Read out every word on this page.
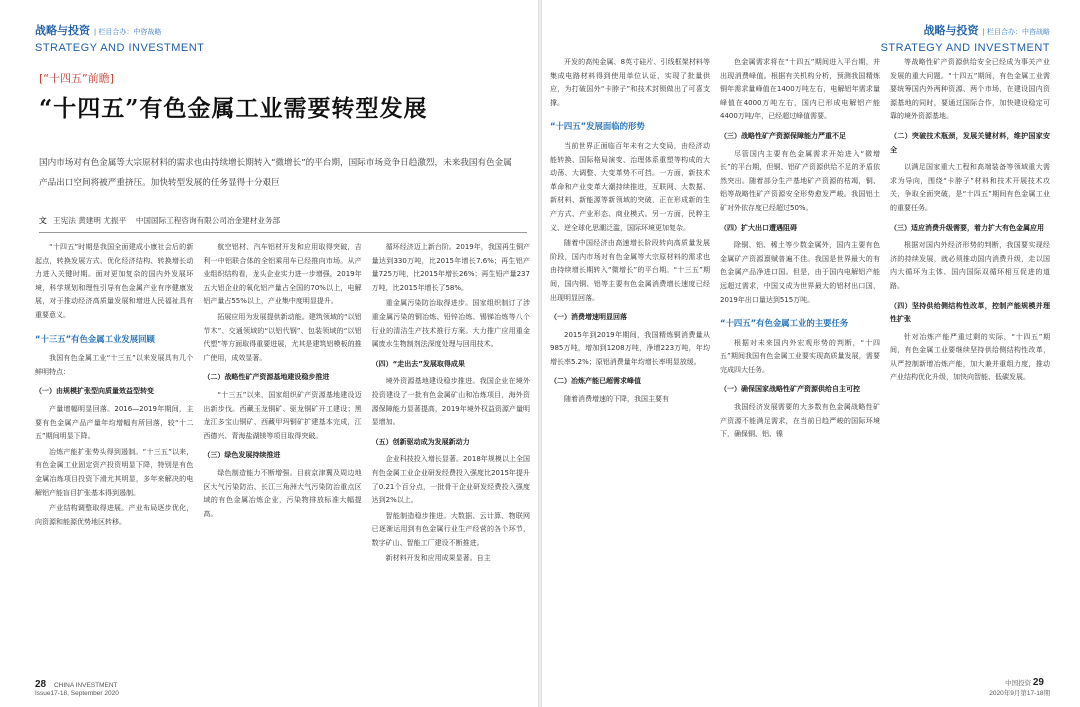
战略与投资 | 栏目合办：中咨战略
STRATEGY AND INVESTMENT
[“十四五”前瞻]
“十四五”有色金属工业需要转型发展
国内市场对有色金属等大宗原材料的需求也由持续增长期转入“微增长”的平台期，国际市场竞争日趋激烈，未来我国有色金属产品出口空间将被严重挤压。加快转型发展的任务显得十分艰巨
文 王宪法 黄建明 尤振平 中国国际工程咨询有限公司冶金建材业务部

“十四五”时期是我国全面建成小康社会后的新起点，转换发展方式、优化经济结构、转换增长动力进入关键时期。面对更加复杂的国内外发展环境，科学规划和理性引导有色金属产业有序健康发展，对于推动经济高质量发展和增进人民福祉具有重要意义。

“十三五”有色金属工业发展回顾

我国有色金属工业“十三五”以来发展具有几个鲜明特点：

（一）由规模扩张型向质量效益型转变

产量增幅明显回落。2016—2019年期间，主要有色金属产品产量年均增幅有所回落，较“十二五”期间明显下降。

冶炼产能扩张势头得到遏制。“十三五”以来，有色金属工业固定资产投资明显下降，特别是有色金属冶炼项目投资下滑尤其明显，多年来解决的电解铝产能盲目扩张基本得到遏制。

产业结构调整取得进展。产业布局逐步优化，向资源和能源优势地区转移。

航空铝材、汽车铝材开发和应用取得突破，吉利一中铝联合体的全铝乘用车已经推向市场。从产业组织结构看，龙头企业实力进一步增强，2019年五大铝企业的氧化铝产量占全国的70%以上，电解铝产量占55%以上，产业集中度明显提升。

拓展应用为发展提供新动能。建筑领域的“以铝节木”、交通领域的“以铝代钢”、包装领域的“以铝代塑”等方面取得重要进展，尤其是建筑铝模板的推广使用，成效显著。

（二）战略性矿产资源基地建设稳步推进

“十三五”以来，国家组织矿产资源基地建设迈出新步伐。西藏玉龙铜矿、驱龙铜矿开工建设；黑龙江多宝山铜矿、西藏甲玛铜矿扩建基本完成，江西德兴、青海盐湖镁等项目取得突破。

（三）绿色发展持续推进

绿色制造能力不断增强。目前京津冀及周边地区大气污染防治、长江三角洲大气污染防治重点区域的有色金属冶炼企业，污染物排放标准大幅提高。

循环经济迈上新台阶。2019年，我国再生铜产量达到330万吨，比2015年增长7.6%；再生铝产量725万吨，比2015年增长26%；再生铅产量237万吨，比2015年增长了58%。

重金属污染防治取得进步。国家组织制订了涉重金属污染的铜冶炼、铅锌冶炼、锡锑冶炼等八个行业的清洁生产技术推行方案。大力推广应用重金属废水生物制剂法深度处理与回用技术。

（四）“走出去”发展取得成果

境外资源基地建设稳步推进。我国企业在境外投资建设了一批有色金属矿山和冶炼项目，海外资源保障能力显著提高，2019年境外权益资源产量明显增加。

（五）创新驱动成为发展新动力

企业科技投入增长显著。2018年规模以上全国有色金属工业企业研发经费投入强度比2015年提升了0.21个百分点，一批骨干企业研发经费投入强度达到2%以上。

智能制造稳步推进。大数据、云计算、物联网已逐渐运用到有色金属行业生产经营的各个环节，数字矿山、智能工厂建设不断推进。

新材料开发和应用成果显著。自主

28 CHINA INVESTMENT
Issue17-18, September 2020
战略与投资 | 栏目合办：中咨战略
STRATEGY AND INVESTMENT

开发的高纯金属、8英寸硅片、引线框架材料等集成电路材料得到使用单位认证，实现了批量供应，为打破国外“卡脖子”和技术封锁做出了可喜支撑。

“十四五”发展面临的形势

当前世界正面临百年未有之大变局，由经济动能转换、国际格局演变、治理体系重塑等构成的大动荡、大调整、大变革势不可挡。一方面，新技术革命和产业变革大潮持续推进，互联网、大数据、新材料、新能源等新领域的突破，正在形成新的生产方式、产业形态、商业模式。另一方面，民粹主义、逆全球化思潮泛滥，国际环境更加复杂。

随着中国经济由高速增长阶段转向高质量发展阶段，国内市场对有色金属等大宗原材料的需求也由持续增长期转入“微增长”的平台期。“十三五”期间，国内铜、铝等主要有色金属消费增长速度已经出现明显回落。

（一）消费增速明显回落

2015年到2019年期间，我国精炼铜消费量从985万吨，增加到1208万吨，净增223万吨，年均增长率5.2%；原铝消费量年均增长率明显放缓。

（二）冶炼产能已超需求峰值

随着消费增速的下降，我国主要有

色金属需求将在“十四五”期间进入平台期，并出现消费峰值。根据有关机构分析，预测我国精炼铜年需求量峰值在1400万吨左右，电解铝年需求量峰值在4000万吨左右，国内已形成电解铝产能4400万吨/年，已经超过峰值需要。

（三）战略性矿产资源保障能力严重不足

尽管国内主要有色金属需求开始进入“微增长”的平台期，但铜、铝矿产资源供给不足的矛盾依然突出。随着部分生产基地矿产资源的枯竭，铜、铝等战略性矿产资源安全形势愈发严峻。我国铝土矿对外依存度已经超过50%。

（四）扩大出口遭遇阻碍

除铜、铝、稀土等少数金属外，国内主要有色金属矿产资源禀赋普遍不佳。我国是世界最大的有色金属产品净进口国。但是，由于国内电解铝产能远超过需求，中国又成为世界最大的铝材出口国，2019年出口量达到515万吨。

“十四五”有色金属工业的主要任务

根据对未来国内外宏观形势的判断，“十四五”期间我国有色金属工业要实现高质量发展，需要完成四大任务。

（一）确保国家战略性矿产资源供给自主可控

我国经济发展需要的大多数有色金属战略性矿产资源不能满足需求，在当前日趋严峻的国际环境下，确保铜、铝、镍

等战略性矿产资源供给安全已经成为事关产业发展的重大问题。“十四五”期间，有色金属工业需要统筹国内外两种资源、两个市场，在建设国内资源基地的同时，要通过国际合作，加快建设稳定可靠的境外资源基地。

（二）突破技术瓶颈，发展关键材料，维护国家安全

以满足国家重大工程和高端装备等领域重大需求为导向，围绕“卡脖子”材料和技术开展技术攻关，争取全面突破，是“十四五”期间有色金属工业的重要任务。

（三）适应消费升级需要，着力扩大有色金属应用

根据对国内外经济形势的判断，我国要实现经济的持续发展，就必须推动国内消费升级，走以国内大循环为主体、国内国际双循环相互促进的道路。

（四）坚持供给侧结构性改革，控制产能规模并理性扩张

针对冶炼产能严重过剩的实际，“十四五”期间，有色金属工业要继续坚持供给侧结构性改革，从严控制新增冶炼产能，加大兼并重组力度，推动产业结构优化升级，加快向智能、低碳发展。

中国投资 29
2020年9月第17-18期
